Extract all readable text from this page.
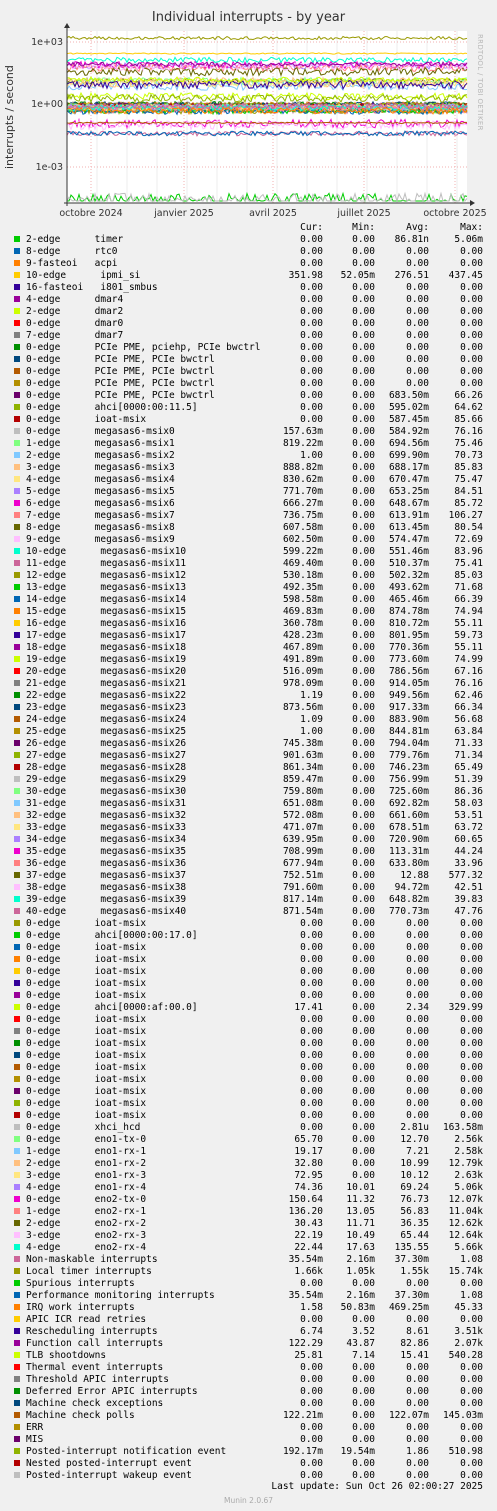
Individual interrupts - by year
RRDTOOL / TOBI OETIKER
interrupts / second
1e+03
1e+00
1e-03
octobre 2024	janvier 2025	avril 2025	juillet 2025	octobre 2025
Cur:	Min:	Avg:	Max:
2-edge      timer	0.00	0.00 86.81n	5.06m
8-edge      rtc0	0.00	0.00	0.00	0.00
9-fasteoi   acpi	0.00	0.00	0.00	0.00
10-edge      ipmi_si	351.98 52.05m 276.51 437.45
16-fasteoi   i801_smbus	0.00	0.00	0.00	0.00
4-edge      dmar4	0.00	0.00	0.00	0.00
2-edge      dmar2	0.00	0.00	0.00	0.00
0-edge      dmar0	0.00	0.00	0.00	0.00
7-edge      dmar7	0.00	0.00	0.00	0.00
0-edge      PCIe PME, pciehp, PCIe bwctrl	0.00	0.00	0.00	0.00
0-edge      PCIe PME, PCIe bwctrl	0.00	0.00	0.00	0.00
0-edge      PCIe PME, PCIe bwctrl	0.00	0.00	0.00	0.00
0-edge      PCIe PME, PCIe bwctrl	0.00	0.00	0.00	0.00
0-edge      PCIe PME, PCIe bwctrl	0.00	0.00 683.50m	66.26
0-edge      ahci[0000:00:11.5]	0.00	0.00 595.02m	64.62
0-edge      ioat-msix	0.00	0.00 587.45m	85.66
0-edge      megasas6-msix0	157.63m	0.00 584.92m	76.16
1-edge      megasas6-msix1	819.22m	0.00 694.56m	75.46
2-edge      megasas6-msix2	1.00	0.00 699.90m	70.73
3-edge      megasas6-msix3	888.82m	0.00 688.17m	85.83
4-edge      megasas6-msix4	830.62m	0.00 670.47m	75.47
5-edge      megasas6-msix5	771.70m	0.00 653.25m	84.51
6-edge      megasas6-msix6	666.27m	0.00 648.67m	85.72
7-edge      megasas6-msix7	736.75m	0.00 613.91m 106.27
8-edge      megasas6-msix8	607.58m	0.00 613.45m	80.54
9-edge      megasas6-msix9	602.50m	0.00 574.47m	72.69
10-edge      megasas6-msix10	599.22m	0.00 551.46m	83.96
11-edge      megasas6-msix11	469.40m	0.00 510.37m	75.41
12-edge      megasas6-msix12	530.18m	0.00 502.32m	85.03
13-edge      megasas6-msix13	492.35m	0.00 493.62m	71.68
14-edge      megasas6-msix14	598.58m	0.00 465.46m	66.39
15-edge      megasas6-msix15	469.83m	0.00 874.78m	74.94
16-edge      megasas6-msix16	360.78m	0.00 810.72m	55.11
17-edge      megasas6-msix17	428.23m	0.00 801.95m	59.73
18-edge      megasas6-msix18	467.89m	0.00 770.36m	55.11
19-edge      megasas6-msix19	491.89m	0.00 773.60m	74.99
20-edge      megasas6-msix20	516.09m	0.00 786.56m	67.16
21-edge      megasas6-msix21	978.09m	0.00 914.05m	76.16
22-edge      megasas6-msix22	1.19	0.00 949.56m	62.46
23-edge      megasas6-msix23	873.56m	0.00 917.33m	66.34
24-edge      megasas6-msix24	1.09	0.00 883.90m	56.68
25-edge      megasas6-msix25	1.00	0.00 844.81m	63.84
26-edge      megasas6-msix26	745.38m	0.00 794.04m	71.33
27-edge      megasas6-msix27	901.63m	0.00 779.76m	71.34
28-edge      megasas6-msix28	861.34m	0.00 746.23m	65.49
29-edge      megasas6-msix29	859.47m	0.00 756.99m	51.39
30-edge      megasas6-msix30	759.80m	0.00 725.60m	86.36
31-edge      megasas6-msix31	651.08m	0.00 692.82m	58.03
32-edge      megasas6-msix32	572.08m	0.00 661.60m	53.51
33-edge      megasas6-msix33	471.07m	0.00 678.51m	63.72
34-edge      megasas6-msix34	639.95m	0.00 720.90m	60.65
35-edge      megasas6-msix35	708.99m	0.00 113.31m	44.24
36-edge      megasas6-msix36	677.94m	0.00 633.80m	33.96
37-edge      megasas6-msix37	752.51m	0.00	12.88 577.32
38-edge      megasas6-msix38	791.60m	0.00 94.72m	42.51
39-edge      megasas6-msix39	817.14m	0.00 648.82m	39.83
40-edge      megasas6-msix40	871.54m	0.00 770.73m	47.76
0-edge      ioat-msix	0.00	0.00	0.00	0.00
0-edge      ahci[0000:00:17.0]	0.00	0.00	0.00	0.00
0-edge      ioat-msix	0.00	0.00	0.00	0.00
0-edge      ioat-msix	0.00	0.00	0.00	0.00
0-edge      ioat-msix	0.00	0.00	0.00	0.00
0-edge      ioat-msix	0.00	0.00	0.00	0.00
0-edge      ioat-msix	0.00	0.00	0.00	0.00
0-edge      ahci[0000:af:00.0]	17.41	0.00	2.34 329.99
0-edge      ioat-msix	0.00	0.00	0.00	0.00
0-edge      ioat-msix	0.00	0.00	0.00	0.00
0-edge      ioat-msix	0.00	0.00	0.00	0.00
0-edge      ioat-msix	0.00	0.00	0.00	0.00
0-edge      ioat-msix	0.00	0.00	0.00	0.00
0-edge      ioat-msix	0.00	0.00	0.00	0.00
0-edge      ioat-msix	0.00	0.00	0.00	0.00
0-edge      ioat-msix	0.00	0.00	0.00	0.00
0-edge      ioat-msix	0.00	0.00	0.00	0.00
0-edge      xhci_hcd	0.00	0.00	2.81u 163.58m
0-edge      eno1-tx-0	65.70	0.00	12.70	2.56k
1-edge      eno1-rx-1	19.17	0.00	7.21	2.58k
2-edge      eno1-rx-2	32.80	0.00	10.99 12.79k
3-edge      eno1-rx-3	72.95	0.00	10.12	2.63k
4-edge      eno1-rx-4	74.36 10.01	69.24	5.06k
0-edge      eno2-tx-0	150.64 11.32	76.73 12.07k
1-edge      eno2-rx-1	136.20 13.05	56.83 11.04k
2-edge      eno2-rx-2	30.43 11.71	36.35 12.62k
3-edge      eno2-rx-3	22.19 10.49	65.44 12.64k
4-edge      eno2-rx-4	22.44 17.63 135.55	5.66k
Non-maskable interrupts	35.54m 2.16m 37.30m	1.08
Local timer interrupts	1.66k 1.05k	1.55k 15.74k
Spurious interrupts	0.00	0.00	0.00	0.00
Performance monitoring interrupts	35.54m 2.16m 37.30m	1.08
IRQ work interrupts	1.58 50.83m 469.25m	45.33
APIC ICR read retries	0.00	0.00	0.00	0.00
Rescheduling interrupts	6.74	3.52	8.61	3.51k
Function call interrupts	122.29 43.87	82.86	2.07k
TLB shootdowns	25.81	7.14	15.41 540.28
Thermal event interrupts	0.00	0.00	0.00	0.00
Threshold APIC interrupts	0.00	0.00	0.00	0.00
Deferred Error APIC interrupts	0.00	0.00	0.00	0.00
Machine check exceptions	0.00	0.00	0.00	0.00
Machine check polls	122.21m	0.00 122.07m 145.03m
ERR	0.00	0.00	0.00	0.00
MIS	0.00	0.00	0.00	0.00
Posted-interrupt notification event	192.17m 19.54m	1.86 510.98
Nested posted-interrupt event	0.00	0.00	0.00	0.00
Posted-interrupt wakeup event	0.00	0.00	0.00	0.00
Last update: Sun Oct 26 02:00:27 2025
Munin 2.0.67
